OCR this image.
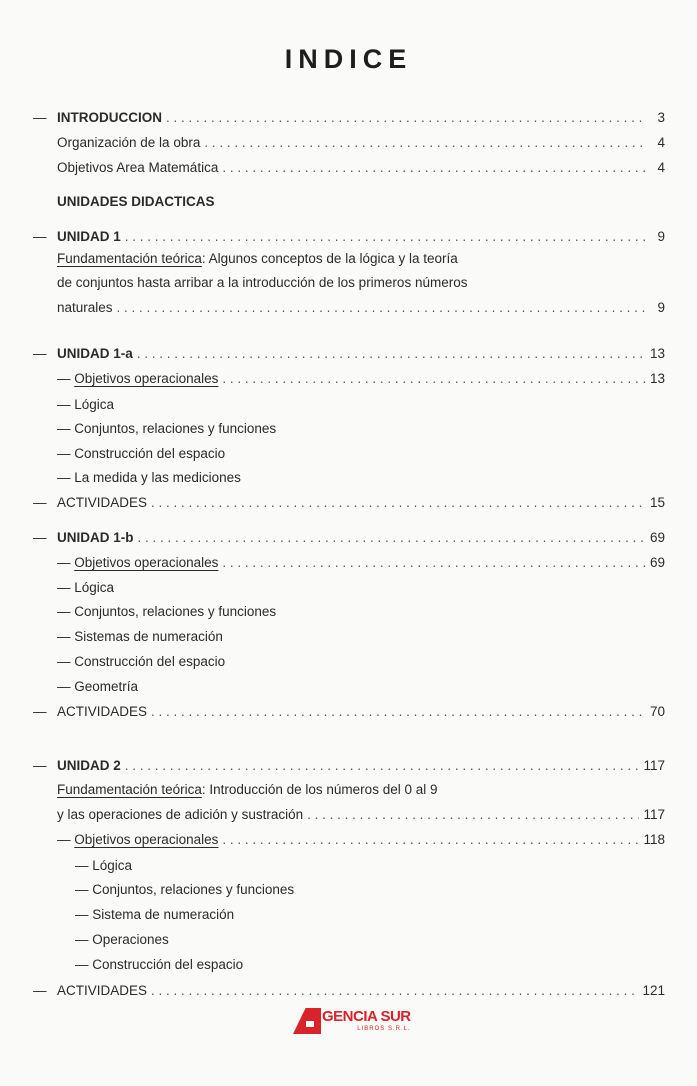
INDICE
— INTRODUCCION . . .	3
Organización de la obra . . .	4
Objetivos Area Matemática . . .	4
UNIDADES DIDACTICAS
— UNIDAD 1 . . .	9
Fundamentación teórica: Algunos conceptos de la lógica y la teoría
de conjuntos hasta arribar a la introducción de los primeros números
naturales . . .	9
— UNIDAD 1-a . . .	13
— Objetivos operacionales . . .	13
— Lógica
— Conjuntos, relaciones y funciones
— Construcción del espacio
— La medida y las mediciones
— ACTIVIDADES . . .	15
— UNIDAD 1-b . . .	69
— Objetivos operacionales . . .	69
— Lógica
— Conjuntos, relaciones y funciones
— Sistemas de numeración
— Construcción del espacio
— Geometría
— ACTIVIDADES . . .	70
— UNIDAD 2 . . .	117
Fundamentación teórica: Introducción de los números del 0 al 9
y las operaciones de adición y sustración . . .	117
— Objetivos operacionales . . .	118
— Lógica
— Conjuntos, relaciones y funciones
— Sistema de numeración
— Operaciones
— Construcción del espacio
— ACTIVIDADES . . .	121
GENCIA SUR
LIBROS S.R.L.
